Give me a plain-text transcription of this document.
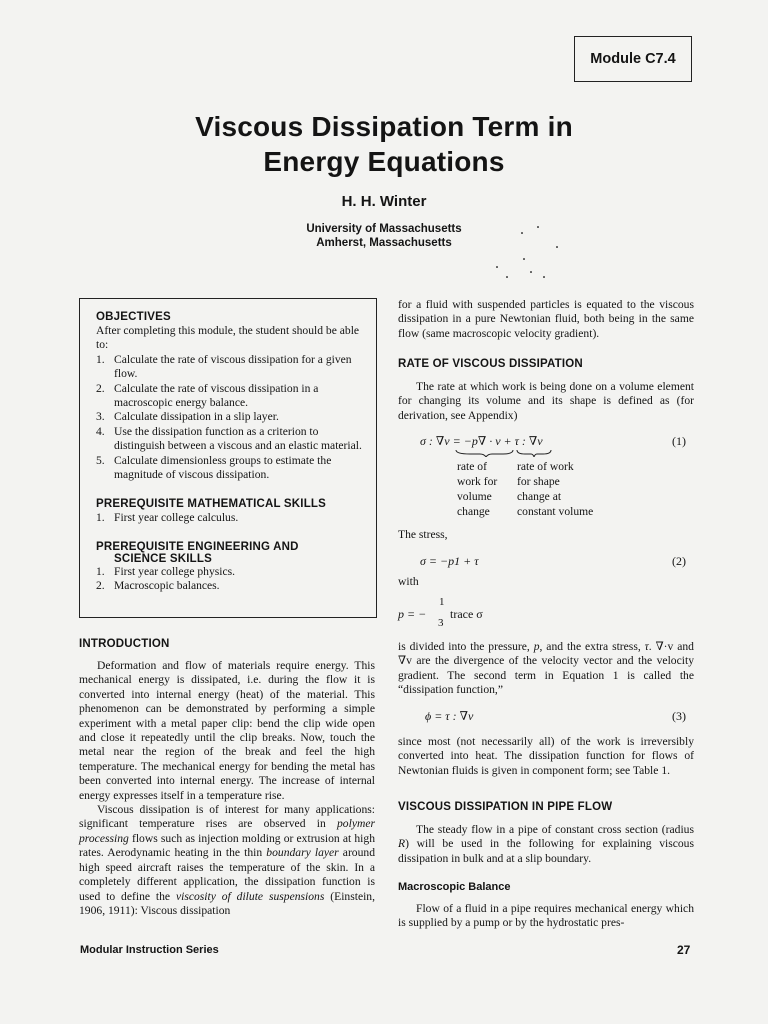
Module C7.4
Viscous Dissipation Term in
Energy Equations
H. H. Winter
University of Massachusetts
Amherst, Massachusetts
OBJECTIVES
After completing this module, the student should be able to:
1. Calculate the rate of viscous dissipation for a given flow.
2. Calculate the rate of viscous dissipation in a macroscopic energy balance.
3. Calculate dissipation in a slip layer.
4. Use the dissipation function as a criterion to distinguish between a viscous and an elastic material.
5. Calculate dimensionless groups to estimate the magnitude of viscous dissipation.
PREREQUISITE MATHEMATICAL SKILLS
1. First year college calculus.
PREREQUISITE ENGINEERING AND
SCIENCE SKILLS
1. First year college physics.
2. Macroscopic balances.
INTRODUCTION
Deformation and flow of materials require energy. This mechanical energy is dissipated, i.e. during the flow it is converted into internal energy (heat) of the material. This phenomenon can be demonstrated by performing a simple experiment with a metal paper clip: bend the clip wide open and close it repeatedly until the clip breaks. Now, touch the metal near the region of the break and feel the high temperature. The mechanical energy for bending the metal has been converted into internal energy. The increase of internal energy expresses itself in a temperature rise.
Viscous dissipation is of interest for many applications: significant temperature rises are observed in polymer processing flows such as injection molding or extrusion at high rates. Aerodynamic heating in the thin boundary layer around high speed aircraft raises the temperature of the skin. In a completely different application, the dissipation function is used to define the viscosity of dilute suspensions (Einstein, 1906, 1911): Viscous dissipation
for a fluid with suspended particles is equated to the viscous dissipation in a pure Newtonian fluid, both being in the same flow (same macroscopic velocity gradient).
RATE OF VISCOUS DISSIPATION
The rate at which work is being done on a volume element for changing its volume and its shape is defined as (for derivation, see Appendix)
σ : ∇v = −p∇ · v + τ : ∇v	(1)
rate of
work for
volume
change
rate of work
for shape
change at
constant volume
The stress,
σ = −p1 + τ	(2)
with
p = −
1
3
trace σ
is divided into the pressure, p, and the extra stress, τ. ∇·v and ∇v are the divergence of the velocity vector and the velocity gradient. The second term in Equation 1 is called the “dissipation function,”
ϕ = τ : ∇v	(3)
since most (not necessarily all) of the work is irreversibly converted into heat. The dissipation function for flows of Newtonian fluids is given in component form; see Table 1.
VISCOUS DISSIPATION IN PIPE FLOW
The steady flow in a pipe of constant cross section (radius R) will be used in the following for explaining viscous dissipation in bulk and at a slip boundary.
Macroscopic Balance
Flow of a fluid in a pipe requires mechanical energy which is supplied by a pump or by the hydrostatic pres-
Modular Instruction Series	27
